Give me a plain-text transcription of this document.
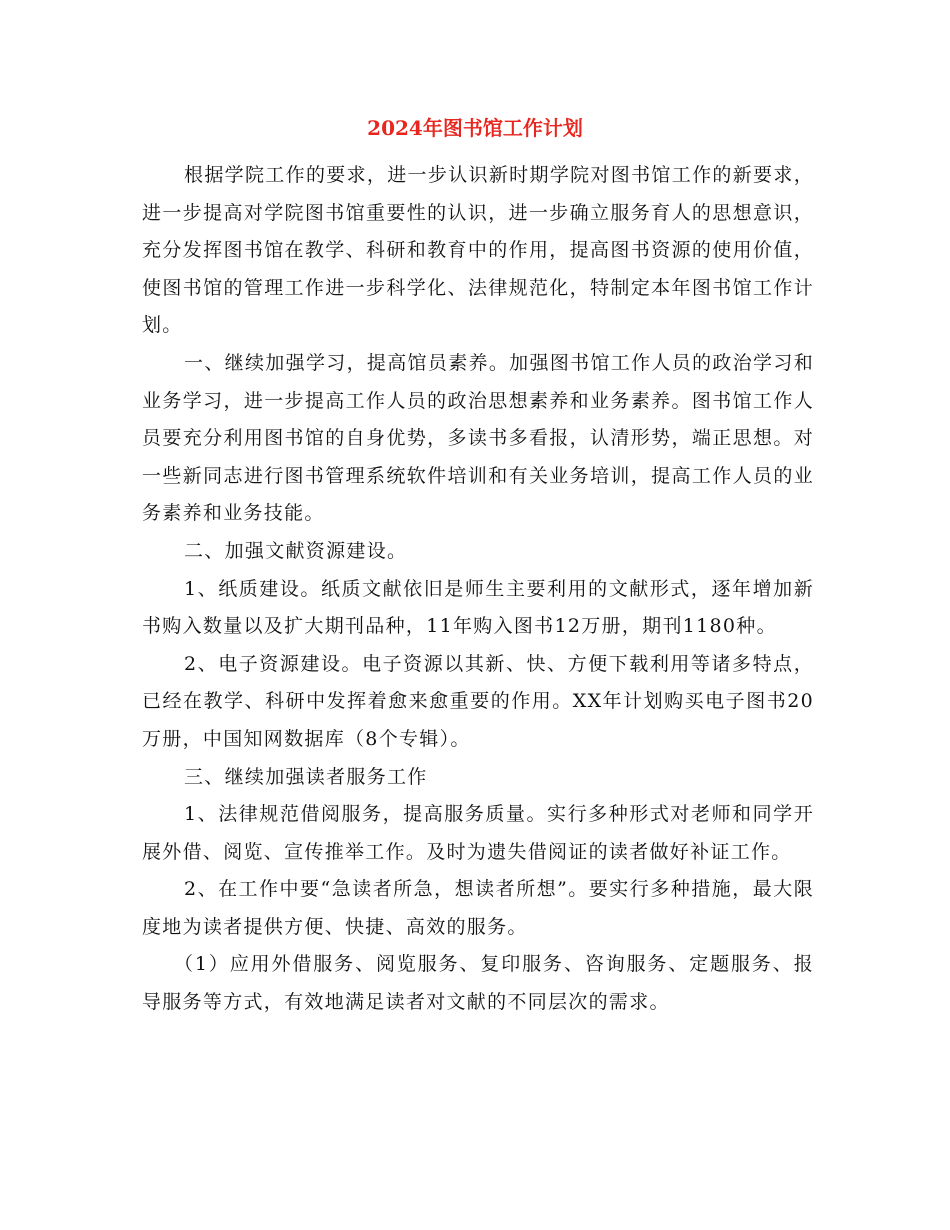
2024年图书馆工作计划

根据学院工作的要求，进一步认识新时期学院对图书馆工作的新要求，进一步提高对学院图书馆重要性的认识，进一步确立服务育人的思想意识，充分发挥图书馆在教学、科研和教育中的作用，提高图书资源的使用价值，使图书馆的管理工作进一步科学化、法律规范化，特制定本年图书馆工作计划。

一、继续加强学习，提高馆员素养。加强图书馆工作人员的政治学习和业务学习，进一步提高工作人员的政治思想素养和业务素养。图书馆工作人员要充分利用图书馆的自身优势，多读书多看报，认清形势，端正思想。对一些新同志进行图书管理系统软件培训和有关业务培训，提高工作人员的业务素养和业务技能。

二、加强文献资源建设。

1、纸质建设。纸质文献依旧是师生主要利用的文献形式，逐年增加新书购入数量以及扩大期刊品种，11年购入图书12万册，期刊1180种。

2、电子资源建设。电子资源以其新、快、方便下载利用等诸多特点，已经在教学、科研中发挥着愈来愈重要的作用。XX年计划购买电子图书20万册，中国知网数据库（8个专辑）。

三、继续加强读者服务工作

1、法律规范借阅服务，提高服务质量。实行多种形式对老师和同学开展外借、阅览、宣传推举工作。及时为遗失借阅证的读者做好补证工作。

2、在工作中要“急读者所急，想读者所想”。要实行多种措施，最大限度地为读者提供方便、快捷、高效的服务。

（1）应用外借服务、阅览服务、复印服务、咨询服务、定题服务、报导服务等方式，有效地满足读者对文献的不同层次的需求。
